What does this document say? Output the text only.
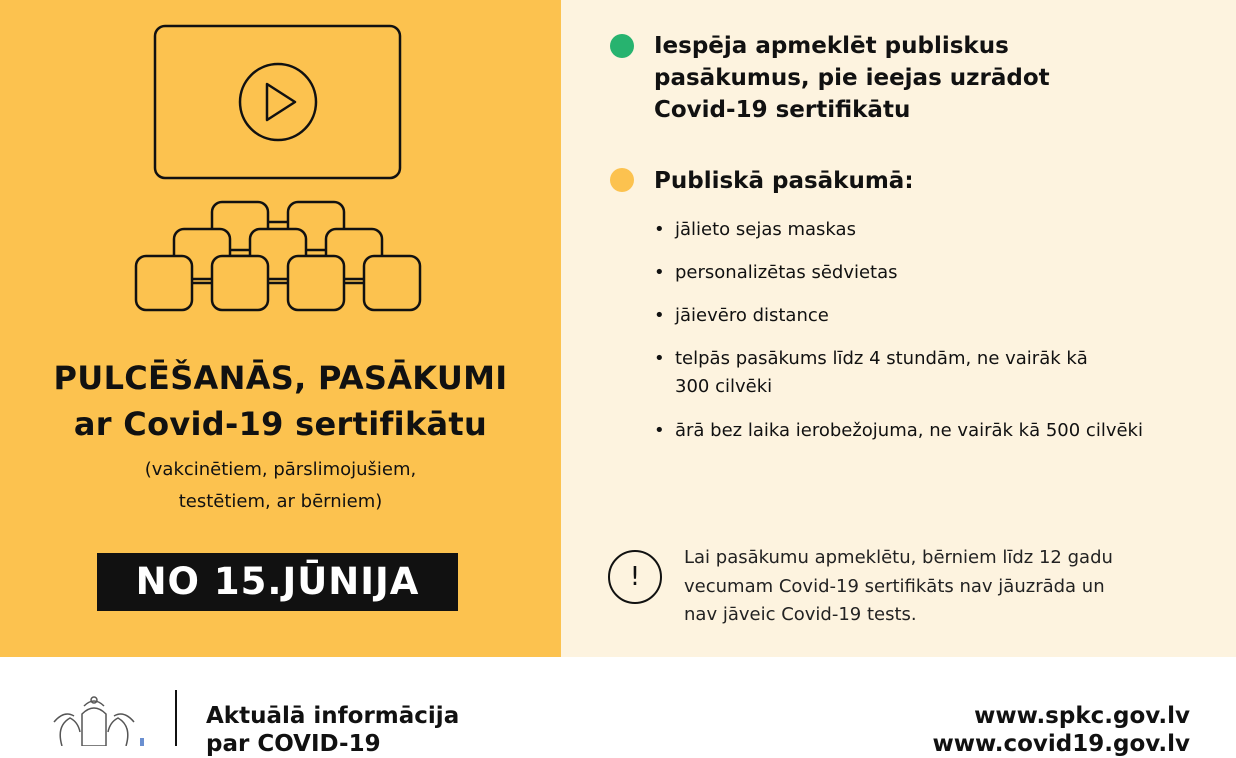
PULCĒŠANĀS, PASĀKUMI
ar Covid-19 sertifikātu
(vakcinētiem, pārslimojušiem,
testētiem, ar bērniem)
NO 15.JŪNIJA
Iespēja apmeklēt publiskus
pasākumus, pie ieejas uzrādot
Covid-19 sertifikātu
Publiskā pasākumā:
• jālieto sejas maskas
• personalizētas sēdvietas
• jāievēro distance
• telpās pasākums līdz 4 stundām, ne vairāk kā
300 cilvēki
• ārā bez laika ierobežojuma, ne vairāk kā 500 cilvēki
!
Lai pasākumu apmeklētu, bērniem līdz 12 gadu
vecumam Covid-19 sertifikāts nav jāuzrāda un
nav jāveic Covid-19 tests.
Aktuālā informācija
par COVID-19
www.spkc.gov.lv
www.covid19.gov.lv
